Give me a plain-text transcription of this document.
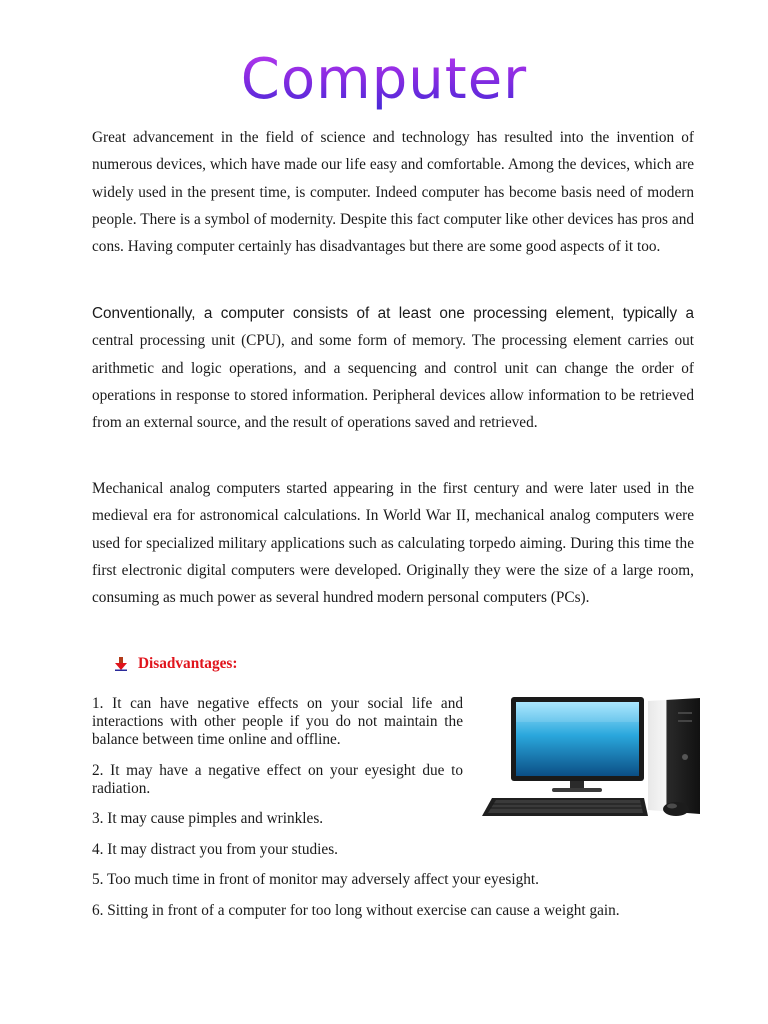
Computer

Great advancement in the field of science and technology has resulted into the invention of numerous devices, which have made our life easy and comfortable. Among the devices, which are widely used in the present time, is computer. Indeed computer has become basis need of modern people. There is a symbol of modernity. Despite this fact computer like other devices has pros and cons. Having computer certainly has disadvantages but there are some good aspects of it too.

Conventionally, a computer consists of at least one processing element, typically a central processing unit (CPU), and some form of memory. The processing element carries out arithmetic and logic operations, and a sequencing and control unit can change the order of operations in response to stored information. Peripheral devices allow information to be retrieved from an external source, and the result of operations saved and retrieved.

Mechanical analog computers started appearing in the first century and were later used in the medieval era for astronomical calculations. In World War II, mechanical analog computers were used for specialized military applications such as calculating torpedo aiming. During this time the first electronic digital computers were developed. Originally they were the size of a large room, consuming as much power as several hundred modern personal computers (PCs).

Disadvantages:

1. It can have negative effects on your social life and interactions with other people if you do not maintain the balance between time online and offline.

2. It may have a negative effect on your eyesight due to radiation.

3. It may cause pimples and wrinkles.

4. It may distract you from your studies.

5. Too much time in front of monitor may adversely affect your eyesight.

6. Sitting in front of a computer for too long without exercise can cause a weight gain.
